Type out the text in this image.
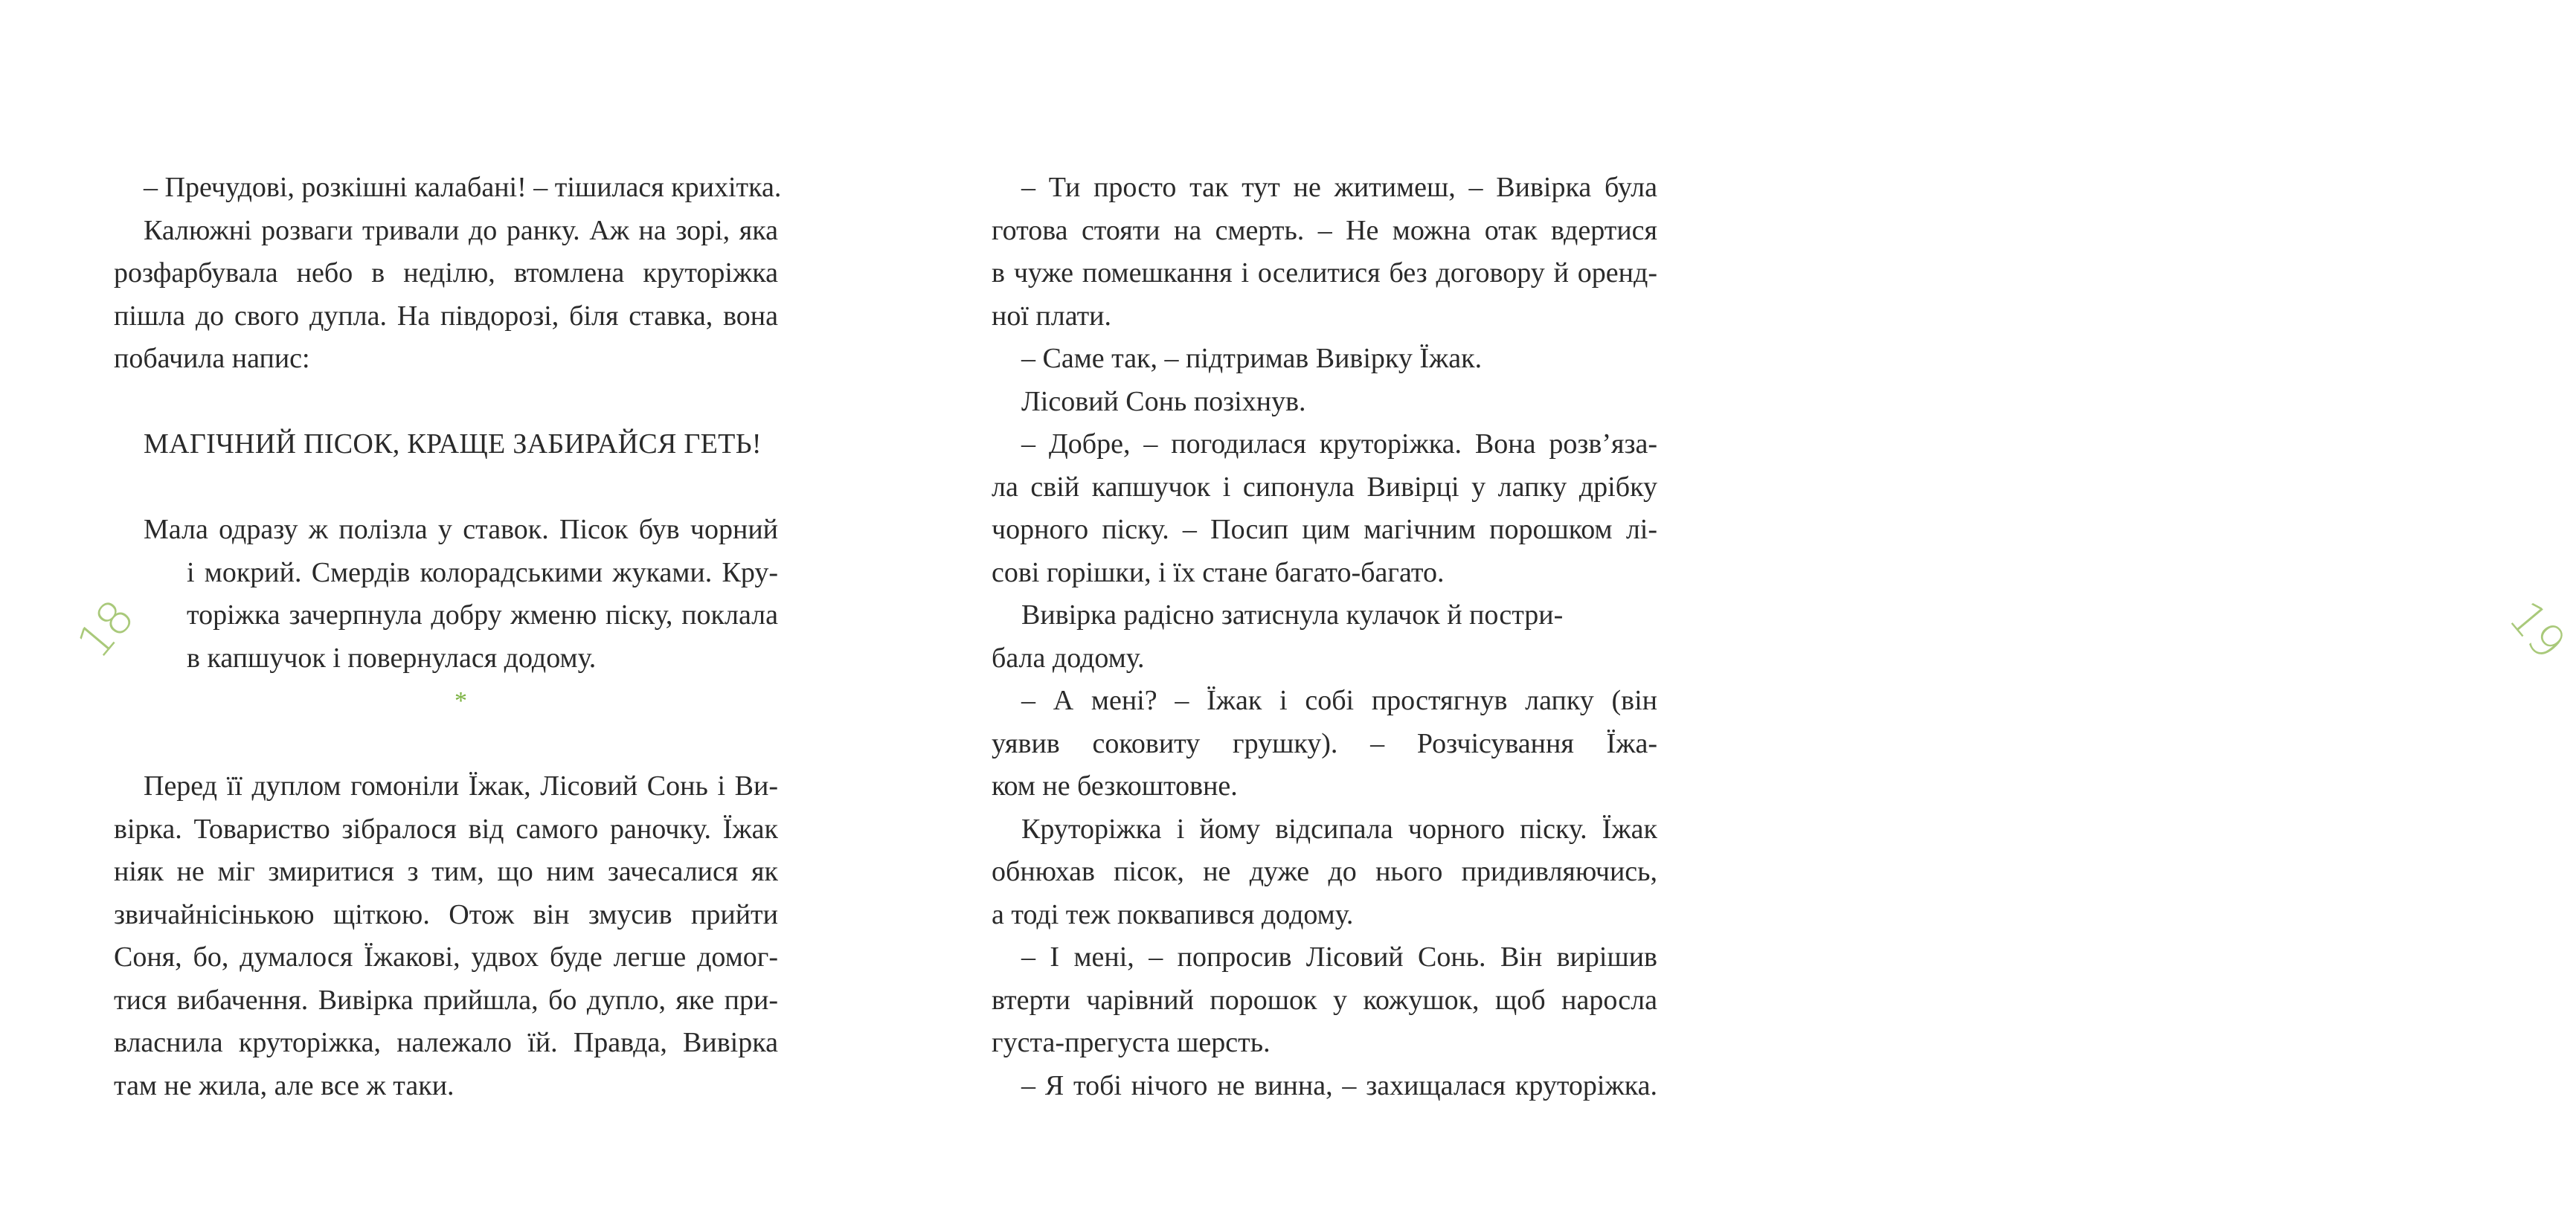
– Пречудові, розкішні калабані! – тішилася крихітка.
Калюжні розваги тривали до ранку. Аж на зорі, яка
розфарбувала небо в неділю, втомлена круторіжка
пішла до свого дупла. На півдорозі, біля ставка, вона
побачила напис:
МАГІЧНИЙ ПІСОК, КРАЩЕ ЗАБИРАЙСЯ ГЕТЬ!
Мала одразу ж полізла у ставок. Пісок був чорний
і мокрий. Смердів колорадськими жуками. Кру-
торіжка зачерпнула добру жменю піску, поклала
в капшучок і повернулася додому.
*
Перед її дуплом гомоніли Їжак, Лісовий Сонь і Ви-
вірка. Товариство зібралося від самого раночку. Їжак
ніяк не міг змиритися з тим, що ним зачесалися як
звичайнісінькою щіткою. Отож він змусив прийти
Соня, бо, думалося Їжакові, удвох буде легше домог-
тися вибачення. Вивірка прийшла, бо дупло, яке при-
власнила круторіжка, належало їй. Правда, Вивірка
там не жила, але все ж таки.
18
– Ти просто так тут не житимеш, – Вивірка була
готова стояти на смерть. – Не можна отак вдертися
в чуже помешкання і оселитися без договору й оренд-
ної плати.
– Саме так, – підтримав Вивірку Їжак.
Лісовий Сонь позіхнув.
– Добре, – погодилася круторіжка. Вона розв’яза-
ла свій капшучок і сипонула Вивірці у лапку дрібку
чорного піску. – Посип цим магічним порошком лі-
сові горішки, і їх стане багато-багато.
Вивірка радісно затиснула кулачок й постри-
бала додому.
– А мені? – Їжак і собі простягнув лапку (він
уявив соковиту грушку). – Розчісування Їжа-
ком не безкоштовне.
Круторіжка і йому відсипала чорного піску. Їжак
обнюхав пісок, не дуже до нього придивляючись,
а тоді теж поквапився додому.
– І мені, – попросив Лісовий Сонь. Він вирішив
втерти чарівний порошок у кожушок, щоб наросла
густа-прегуста шерсть.
– Я тобі нічого не винна, – захищалася круторіжка.
19
